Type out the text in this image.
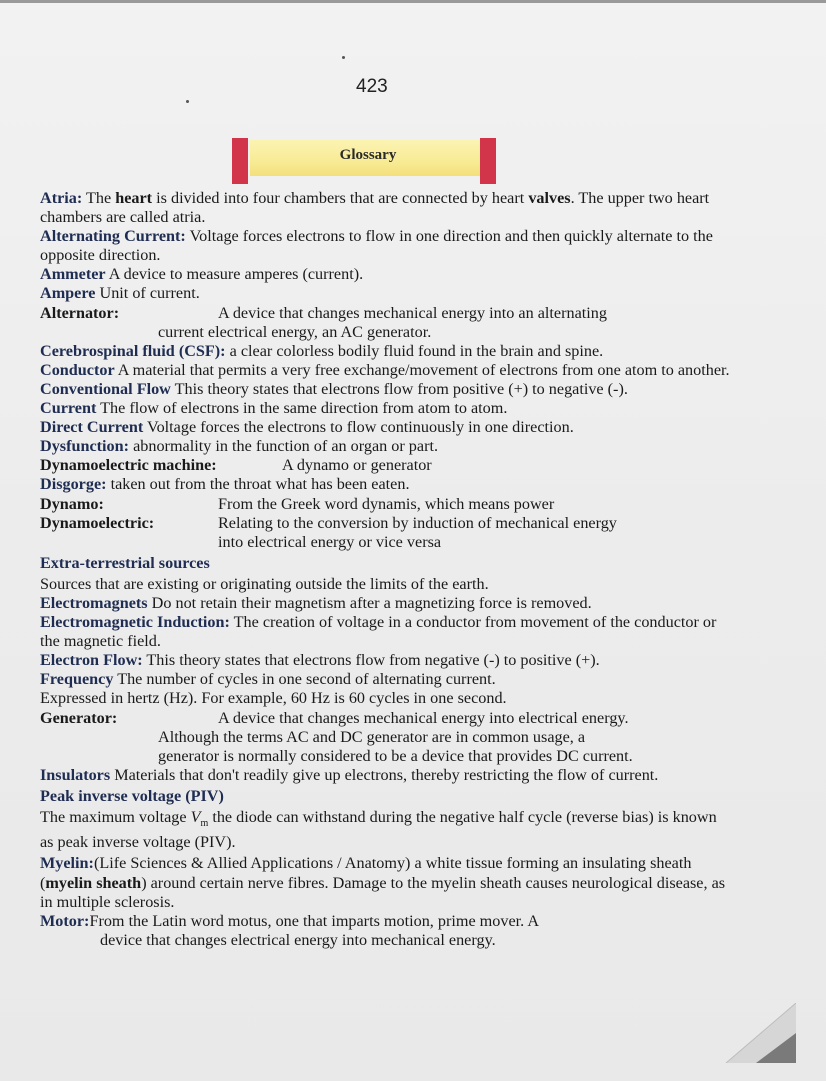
423
Glossary

Atria: The heart is divided into four chambers that are connected by heart valves. The upper two heart chambers are called atria.

Alternating Current: Voltage forces electrons to flow in one direction and then quickly alternate to the opposite direction.

Ammeter A device to measure amperes (current).

Ampere Unit of current.

Alternator:	A device that changes mechanical energy into an alternating

current electrical energy, an AC generator.

Cerebrospinal fluid (CSF): a clear colorless bodily fluid found in the brain and spine.

Conductor A material that permits a very free exchange/movement of electrons from one atom to another.

Conventional Flow This theory states that electrons flow from positive (+) to negative (-).

Current The flow of electrons in the same direction from atom to atom.

Direct Current Voltage forces the electrons to flow continuously in one direction.

Dysfunction: abnormality in the function of an organ or part.

Dynamoelectric machine:	A dynamo or generator

Disgorge: taken out from the throat what has been eaten.

Dynamo:	From the Greek word dynamis, which means power
Dynamoelectric:	Relating to the conversion by induction of mechanical energy

into electrical energy or vice versa

Extra-terrestrial sources

Sources that are existing or originating outside the limits of the earth.

Electromagnets Do not retain their magnetism after a magnetizing force is removed.

Electromagnetic Induction: The creation of voltage in a conductor from movement of the conductor or the magnetic field.

Electron Flow: This theory states that electrons flow from negative (-) to positive (+).

Frequency The number of cycles in one second of alternating current.

Expressed in hertz (Hz). For example, 60 Hz is 60 cycles in one second.

Generator:	A device that changes mechanical energy into electrical energy.

Although the terms AC and DC generator are in common usage, a

generator is normally considered to be a device that provides DC current.

Insulators Materials that don't readily give up electrons, thereby restricting the flow of current.

Peak inverse voltage (PIV)

The maximum voltage $V_m$ the diode can withstand during the negative half cycle (reverse bias) is known as peak inverse voltage (PIV).

Myelin:(Life Sciences & Allied Applications / Anatomy) a white tissue forming an insulating sheath (myelin sheath) around certain nerve fibres. Damage to the myelin sheath causes neurological disease, as in multiple sclerosis.

Motor:From the Latin word motus, one that imparts motion, prime mover. A

device that changes electrical energy into mechanical energy.
